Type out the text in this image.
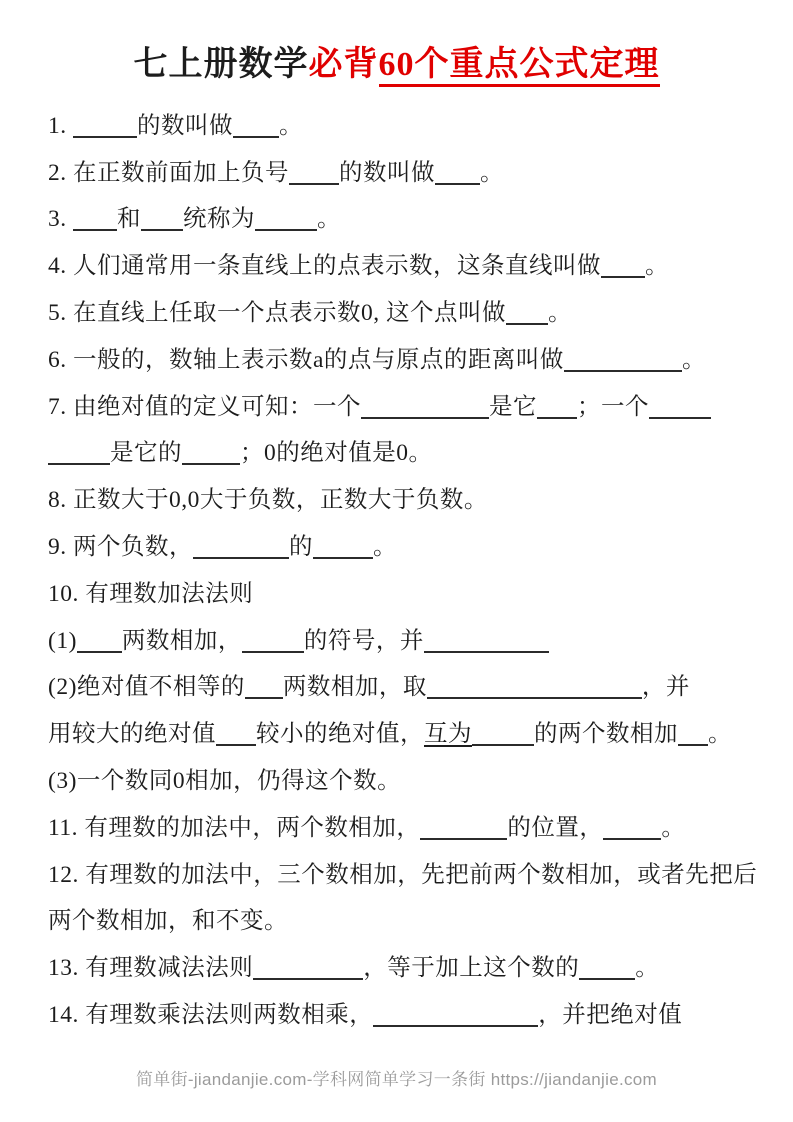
七上册数学必背60个重点公式定理
1.	的数叫做 。
2. 在正数前面加上负号 的数叫做 。
3. 和 统称为	。
4. 人们通常用一条直线上的点表示数，这条直线叫做 。
5. 在直线上任取一个点表示数0, 这个点叫做 。
6. 一般的，数轴上表示数a的点与原点的距离叫做	。
7. 由绝对值的定义可知：一个	是它 ；一个
是它的 ；0的绝对值是0。
8. 正数大于0,0大于负数，正数大于负数。
9. 两个负数，	的	。
10. 有理数加法法则
(1) 两数相加，	的符号，并
(2)绝对值不相等的 两数相加，取	，并
用较大的绝对值 较小的绝对值，互为	的两个数相加 。
(3)一个数同0相加，仍得这个数。
11. 有理数的加法中，两个数相加，	的位置， 。
12. 有理数的加法中，三个数相加，先把前两个数相加，或者先把后
两个数相加，和不变。
13. 有理数减法法则	，等于加上这个数的 。
14. 有理数乘法法则两数相乘，	，并把绝对值
简单街-jiandanjie.com-学科网简单学习一条街 https://jiandanjie.com
